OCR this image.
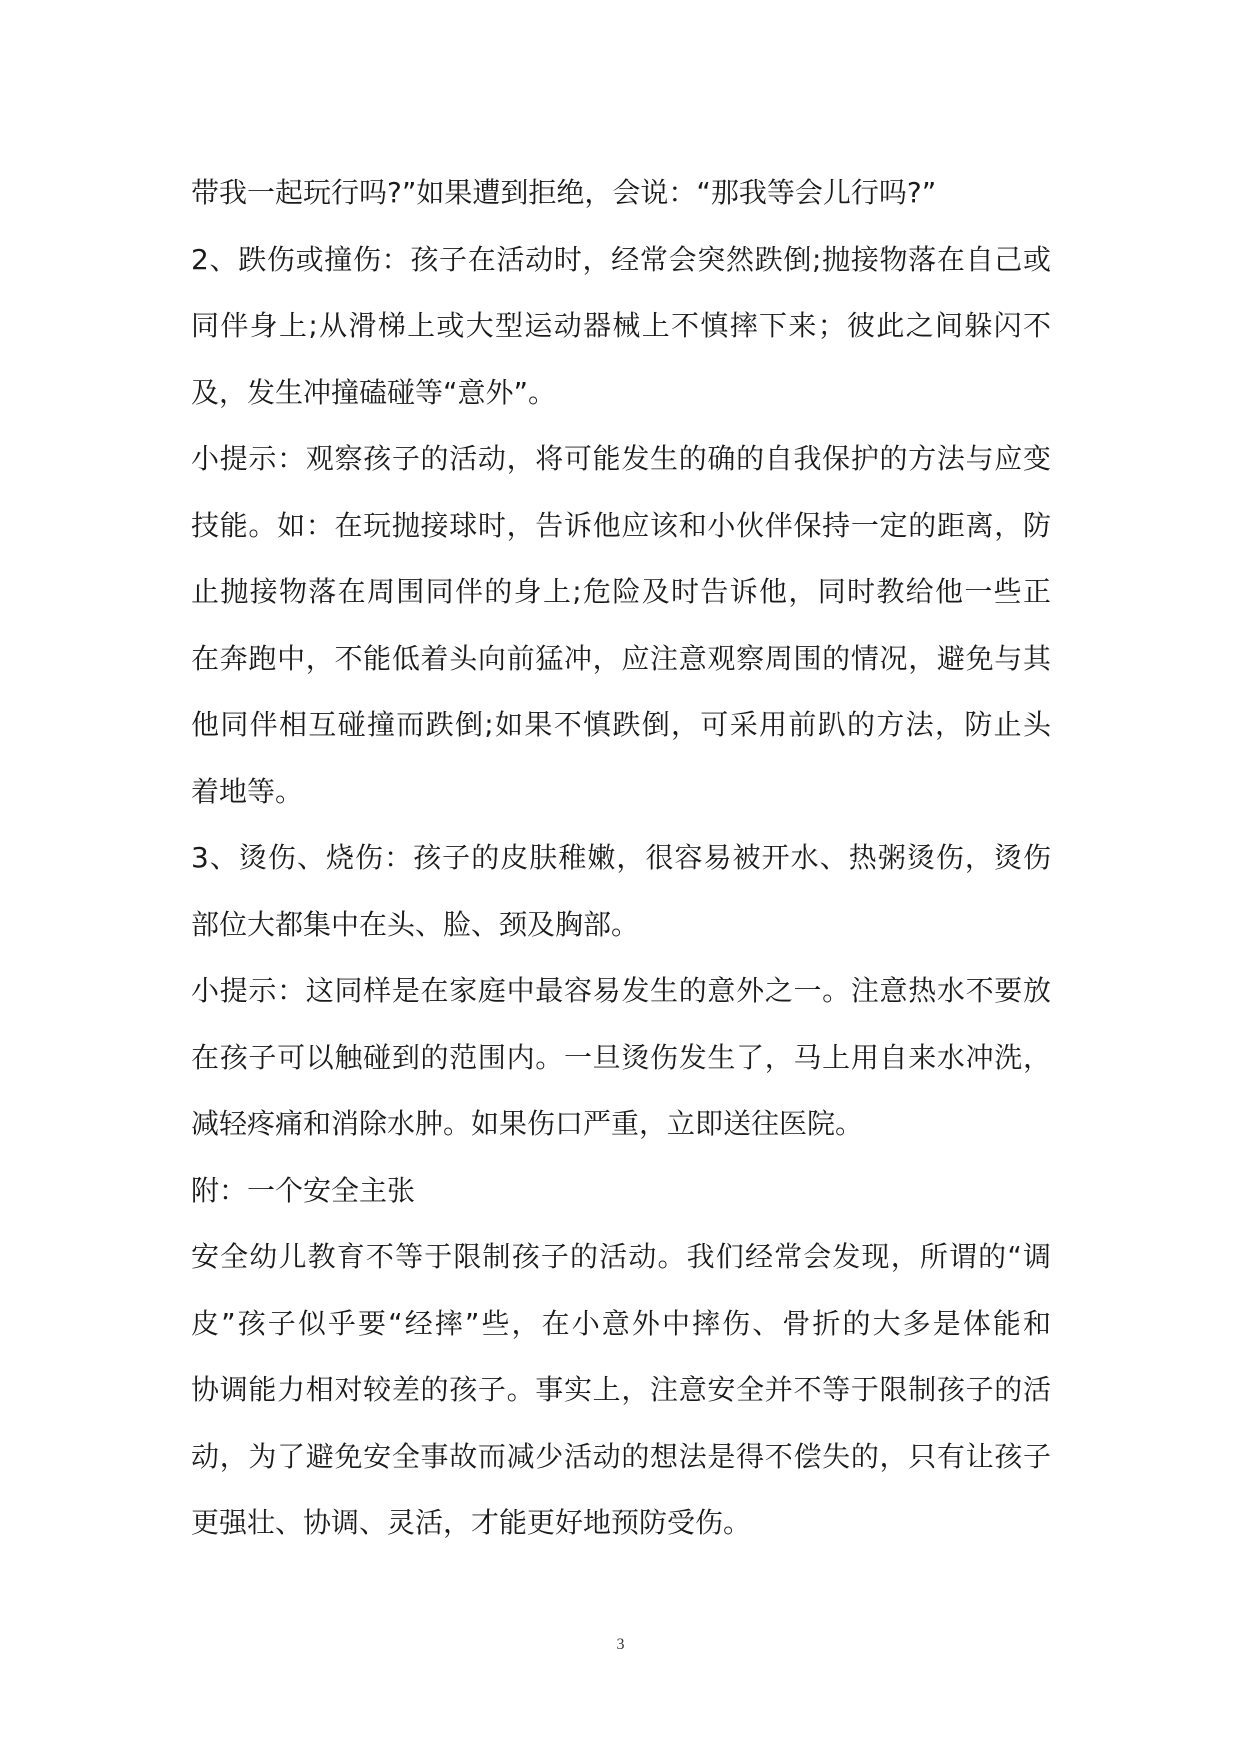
带我一起玩行吗?”如果遭到拒绝，会说：“那我等会儿行吗?”
2、跌伤或撞伤：孩子在活动时，经常会突然跌倒;抛接物落在自己或
同伴身上;从滑梯上或大型运动器械上不慎摔下来；彼此之间躲闪不
及，发生冲撞磕碰等“意外”。
小提示：观察孩子的活动，将可能发生的确的自我保护的方法与应变
技能。如：在玩抛接球时，告诉他应该和小伙伴保持一定的距离，防
止抛接物落在周围同伴的身上;危险及时告诉他，同时教给他一些正
在奔跑中，不能低着头向前猛冲，应注意观察周围的情况，避免与其
他同伴相互碰撞而跌倒;如果不慎跌倒，可采用前趴的方法，防止头
着地等。
3、烫伤、烧伤：孩子的皮肤稚嫩，很容易被开水、热粥烫伤，烫伤
部位大都集中在头、脸、颈及胸部。
小提示：这同样是在家庭中最容易发生的意外之一。注意热水不要放
在孩子可以触碰到的范围内。一旦烫伤发生了，马上用自来水冲洗，
减轻疼痛和消除水肿。如果伤口严重，立即送往医院。
附：一个安全主张
安全幼儿教育不等于限制孩子的活动。我们经常会发现，所谓的“调
皮”孩子似乎要“经摔”些，在小意外中摔伤、骨折的大多是体能和
协调能力相对较差的孩子。事实上，注意安全并不等于限制孩子的活
动，为了避免安全事故而减少活动的想法是得不偿失的，只有让孩子
更强壮、协调、灵活，才能更好地预防受伤。
3
